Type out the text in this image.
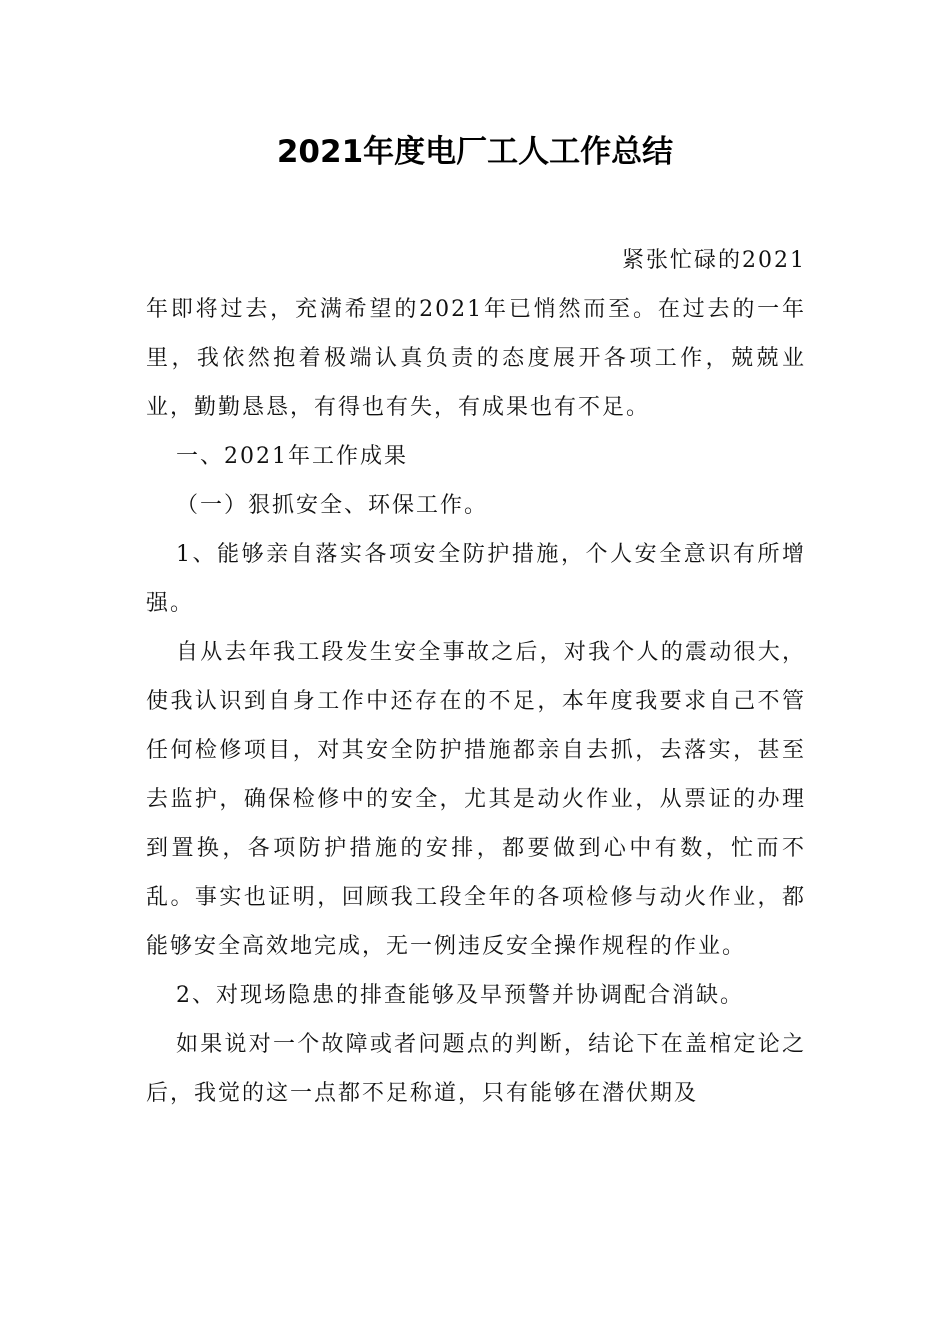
2021年度电厂工人工作总结

紧张忙碌的2021

年即将过去，充满希望的2021年已悄然而至。在过去的一年里，我依然抱着极端认真负责的态度展开各项工作，兢兢业业，勤勤恳恳，有得也有失，有成果也有不足。

一、2021年工作成果

（一）狠抓安全、环保工作。

1、能够亲自落实各项安全防护措施，个人安全意识有所增强。

自从去年我工段发生安全事故之后，对我个人的震动很大，使我认识到自身工作中还存在的不足，本年度我要求自己不管任何检修项目，对其安全防护措施都亲自去抓，去落实，甚至去监护，确保检修中的安全，尤其是动火作业，从票证的办理到置换，各项防护措施的安排，都要做到心中有数，忙而不乱。事实也证明，回顾我工段全年的各项检修与动火作业，都能够安全高效地完成，无一例违反安全操作规程的作业。

2、对现场隐患的排查能够及早预警并协调配合消缺。

如果说对一个故障或者问题点的判断，结论下在盖棺定论之后，我觉的这一点都不足称道，只有能够在潜伏期及
